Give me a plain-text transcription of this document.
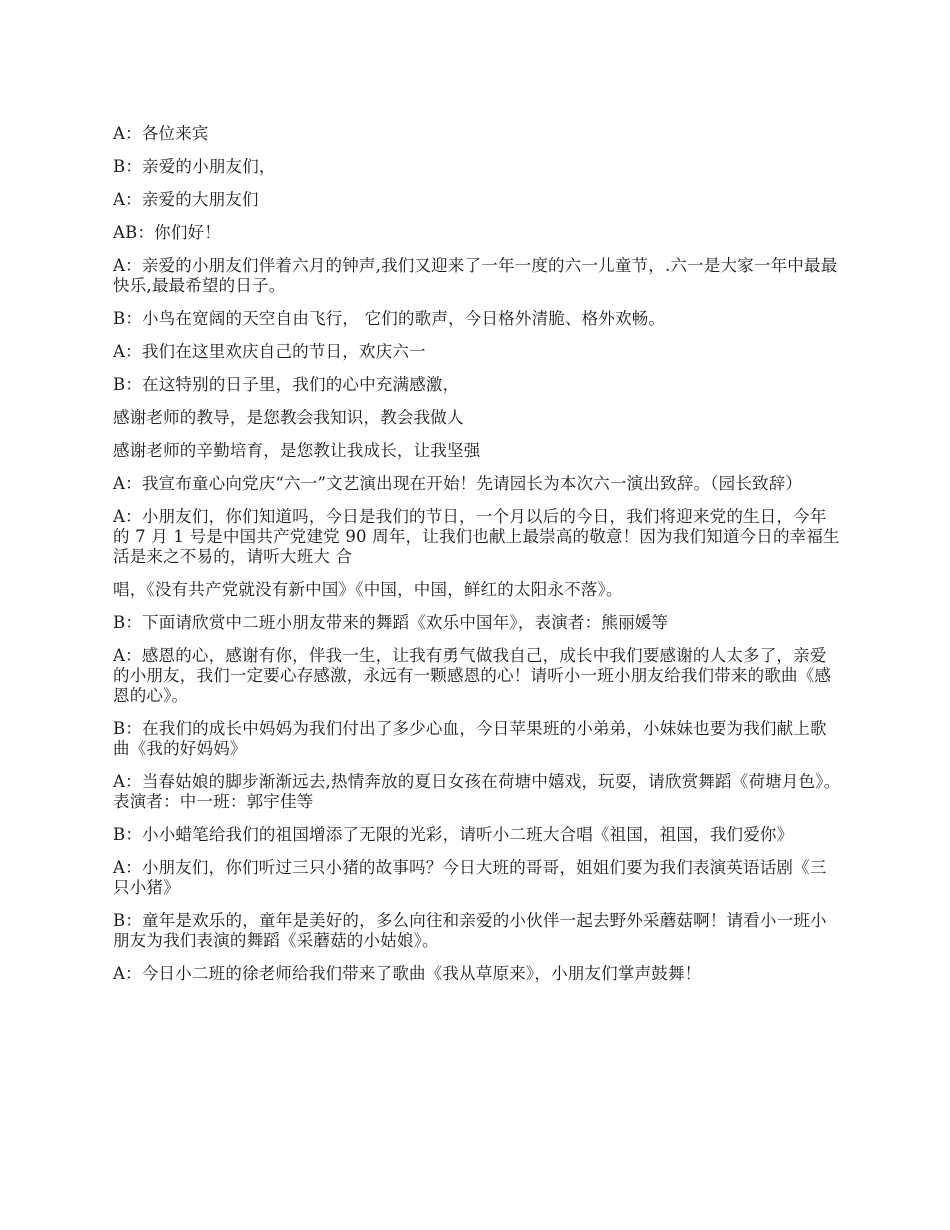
A：各位来宾

B：亲爱的小朋友们，

A：亲爱的大朋友们

AB：你们好！

A：亲爱的小朋友们伴着六月的钟声,我们又迎来了一年一度的六一儿童节，.六一是大家一年中最最快乐,最最希望的日子。

B：小鸟在宽阔的天空自由飞行， 它们的歌声，今日格外清脆、格外欢畅。

A：我们在这里欢庆自己的节日，欢庆六一

B：在这特别的日子里，我们的心中充满感激，

感谢老师的教导，是您教会我知识，教会我做人

感谢老师的辛勤培育，是您教让我成长，让我坚强

A：我宣布童心向党庆“六一”文艺演出现在开始！先请园长为本次六一演出致辞。（园长致辞）

A：小朋友们，你们知道吗，今日是我们的节日，一个月以后的今日，我们将迎来党的生日，今年的 7 月 1 号是中国共产党建党 90 周年，让我们也献上最崇高的敬意！因为我们知道今日的幸福生活是来之不易的，请听大班大 合

唱，《没有共产党就没有新中国》《中国，中国，鲜红的太阳永不落》。

B：下面请欣赏中二班小朋友带来的舞蹈《欢乐中国年》，表演者：熊丽媛等

A：感恩的心，感谢有你，伴我一生，让我有勇气做我自己，成长中我们要感谢的人太多了，亲爱的小朋友，我们一定要心存感激，永远有一颗感恩的心！请听小一班小朋友给我们带来的歌曲《感恩的心》。

B：在我们的成长中妈妈为我们付出了多少心血，今日苹果班的小弟弟，小妹妹也要为我们献上歌曲《我的好妈妈》

A：当春姑娘的脚步渐渐远去,热情奔放的夏日女孩在荷塘中嬉戏，玩耍，请欣赏舞蹈《荷塘月色》。表演者：中一班：郭宇佳等

B：小小蜡笔给我们的祖国增添了无限的光彩，请听小二班大合唱《祖国，祖国，我们爱你》

A：小朋友们，你们听过三只小猪的故事吗？今日大班的哥哥，姐姐们要为我们表演英语话剧《三只小猪》

B：童年是欢乐的，童年是美好的，多么向往和亲爱的小伙伴一起去野外采蘑菇啊！请看小一班小朋友为我们表演的舞蹈《采蘑菇的小姑娘》。

A：今日小二班的徐老师给我们带来了歌曲《我从草原来》，小朋友们掌声鼓舞！
